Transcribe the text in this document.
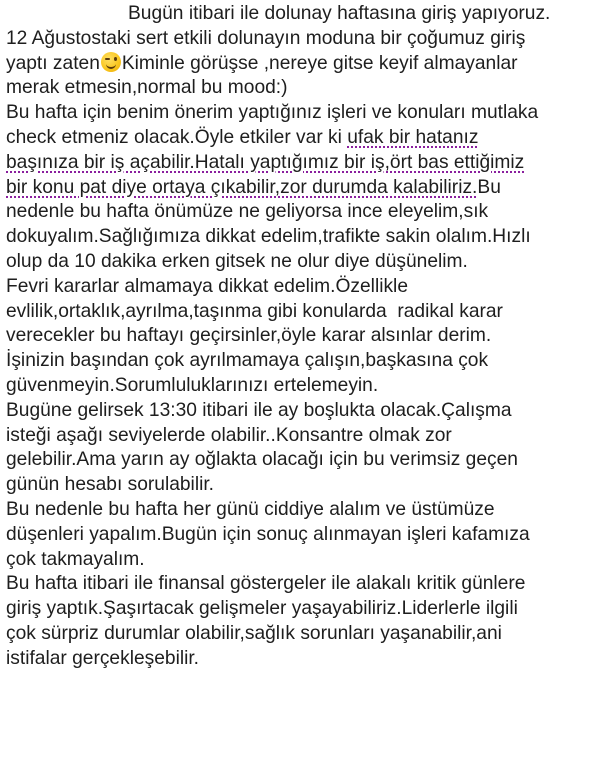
Bugün itibari ile dolunay haftasına giriş yapıyoruz.
12 Ağustostaki sert etkili dolunayın moduna bir çoğumuz giriş
yaptı zaten Kiminle görüşse ,nereye gitse keyif almayanlar
merak etmesin,normal bu mood:)
Bu hafta için benim önerim yaptığınız işleri ve konuları mutlaka
check etmeniz olacak.Öyle etkiler var ki ufak bir hatanız
başınıza bir iş açabilir.Hatalı yaptığımız bir iş,ört bas ettiğimiz
bir konu pat diye ortaya çıkabilir,zor durumda kalabiliriz.Bu
nedenle bu hafta önümüze ne geliyorsa ince eleyelim,sık
dokuyalım.Sağlığımıza dikkat edelim,trafikte sakin olalım.Hızlı
olup da 10 dakika erken gitsek ne olur diye düşünelim.
Fevri kararlar almamaya dikkat edelim.Özellikle
evlilik,ortaklık,ayrılma,taşınma gibi konularda  radikal karar
verecekler bu haftayı geçirsinler,öyle karar alsınlar derim.
İşinizin başından çok ayrılmamaya çalışın,başkasına çok
güvenmeyin.Sorumluluklarınızı ertelemeyin.
Bugüne gelirsek 13:30 itibari ile ay boşlukta olacak.Çalışma
isteği aşağı seviyelerde olabilir..Konsantre olmak zor
gelebilir.Ama yarın ay oğlakta olacağı için bu verimsiz geçen
günün hesabı sorulabilir.
Bu nedenle bu hafta her günü ciddiye alalım ve üstümüze
düşenleri yapalım.Bugün için sonuç alınmayan işleri kafamıza
çok takmayalım.
Bu hafta itibari ile finansal göstergeler ile alakalı kritik günlere
giriş yaptık.Şaşırtacak gelişmeler yaşayabiliriz.Liderlerle ilgili
çok sürpriz durumlar olabilir,sağlık sorunları yaşanabilir,ani
istifalar gerçekleşebilir.
